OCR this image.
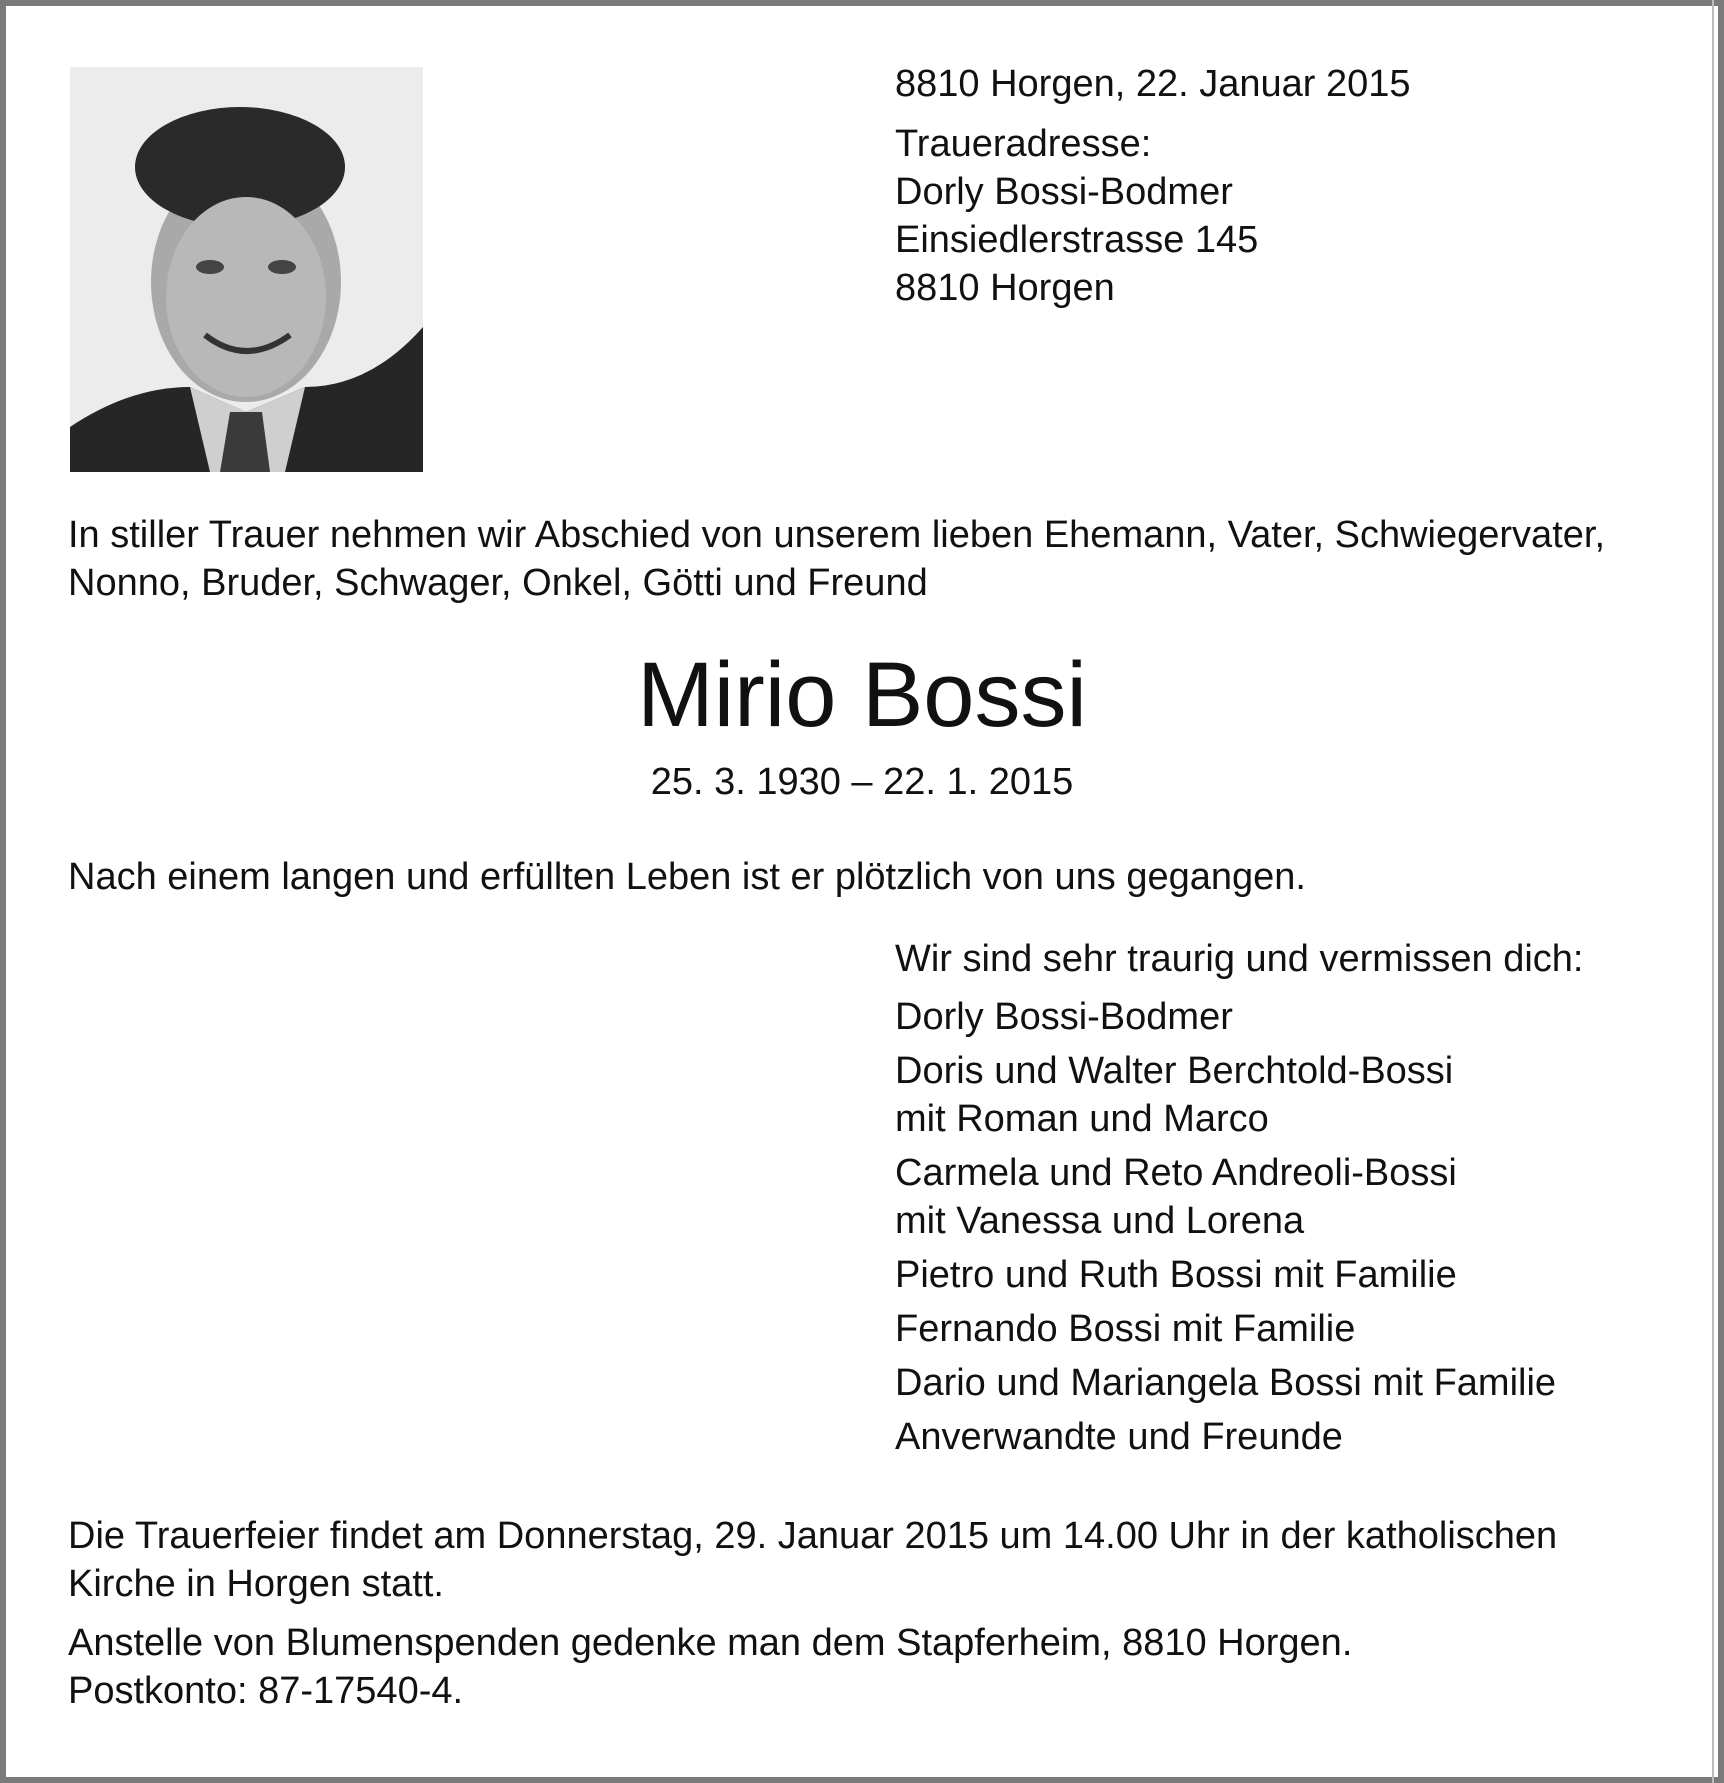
8810 Horgen, 22. Januar 2015
Traueradresse:
Dorly Bossi-Bodmer
Einsiedlerstrasse 145
8810 Horgen
In stiller Trauer nehmen wir Abschied von unserem lieben Ehemann, Vater, Schwiegervater, Nonno, Bruder, Schwager, Onkel, Götti und Freund
Mirio Bossi
25. 3. 1930 – 22. 1. 2015
Nach einem langen und erfüllten Leben ist er plötzlich von uns gegangen.
Wir sind sehr traurig und vermissen dich:
Dorly Bossi-Bodmer
Doris und Walter Berchtold-Bossi
mit Roman und Marco
Carmela und Reto Andreoli-Bossi
mit Vanessa und Lorena
Pietro und Ruth Bossi mit Familie
Fernando Bossi mit Familie
Dario und Mariangela Bossi mit Familie
Anverwandte und Freunde
Die Trauerfeier findet am Donnerstag, 29. Januar 2015 um 14.00 Uhr in der katholischen Kirche in Horgen statt.
Anstelle von Blumenspenden gedenke man dem Stapferheim, 8810 Horgen.
Postkonto: 87-17540-4.
